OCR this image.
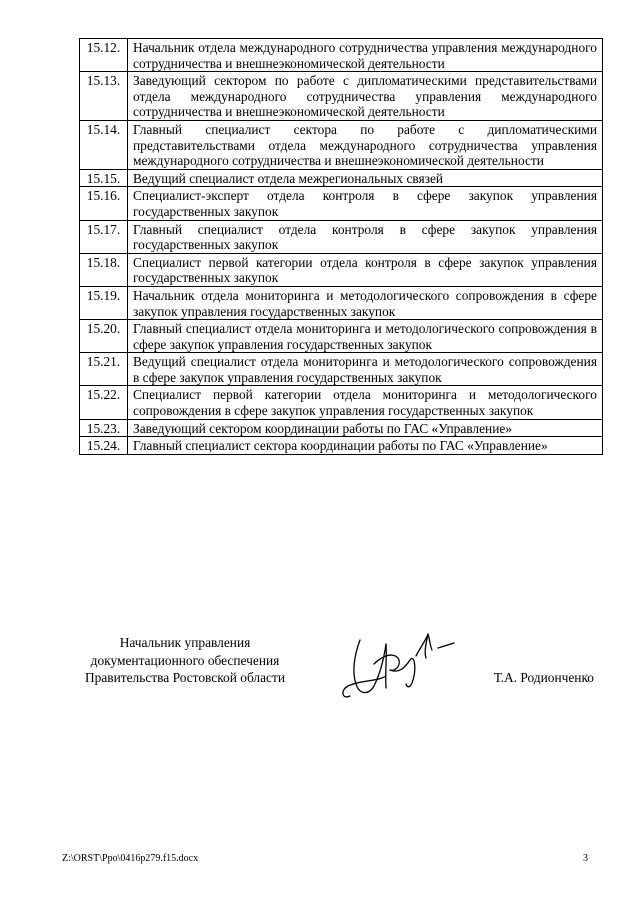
15.12.	Начальник отдела международного сотрудничества управления международного сотрудничества и внешнеэкономической деятельности
15.13.	Заведующий сектором по работе с дипломатическими представительствами отдела международного сотрудничества управления международного сотрудничества и внешнеэкономической деятельности
15.14.	Главный специалист сектора по работе с дипломатическими представительствами отдела международного сотрудничества управления международного сотрудничества и внешнеэкономической деятельности
15.15.	Ведущий специалист отдела межрегиональных связей
15.16.	Специалист-эксперт отдела контроля в сфере закупок управления государственных закупок
15.17.	Главный специалист отдела контроля в сфере закупок управления государственных закупок
15.18.	Специалист первой категории отдела контроля в сфере закупок управления государственных закупок
15.19.	Начальник отдела мониторинга и методологического сопровождения в сфере закупок управления государственных закупок
15.20.	Главный специалист отдела мониторинга и методологического сопровождения в сфере закупок управления государственных закупок
15.21.	Ведущий специалист отдела мониторинга и методологического сопровождения в сфере закупок управления государственных закупок
15.22.	Специалист первой категории отдела мониторинга и методологического сопровождения в сфере закупок управления государственных закупок
15.23.	Заведующий сектором координации работы по ГАС «Управление»
15.24.	Главный специалист сектора координации работы по ГАС «Управление»
Начальник управления
документационного обеспечения
Правительства Ростовской области	Т.А. Родионченко
Z:\ORST\Ppo\0416p279.f15.docx	3
